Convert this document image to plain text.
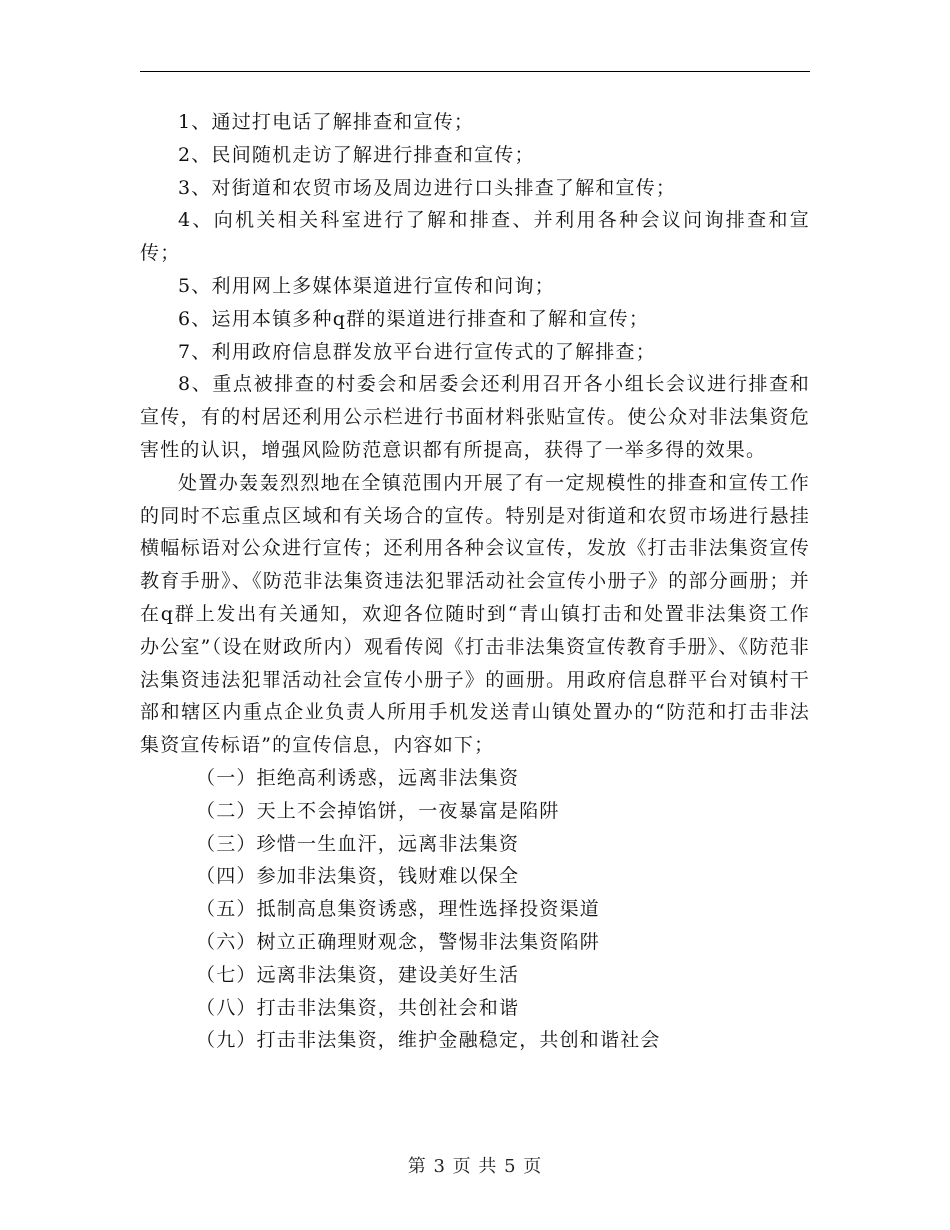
1、通过打电话了解排查和宣传；

2、民间随机走访了解进行排查和宣传；

3、对街道和农贸市场及周边进行口头排查了解和宣传；

4、向机关相关科室进行了解和排查、并利用各种会议问询排查和宣传；

5、利用网上多媒体渠道进行宣传和问询；

6、运用本镇多种q群的渠道进行排查和了解和宣传；

7、利用政府信息群发放平台进行宣传式的了解排查；

8、重点被排查的村委会和居委会还利用召开各小组长会议进行排查和宣传，有的村居还利用公示栏进行书面材料张贴宣传。使公众对非法集资危害性的认识，增强风险防范意识都有所提高，获得了一举多得的效果。

处置办轰轰烈烈地在全镇范围内开展了有一定规模性的排查和宣传工作的同时不忘重点区域和有关场合的宣传。特别是对街道和农贸市场进行悬挂横幅标语对公众进行宣传；还利用各种会议宣传，发放《打击非法集资宣传教育手册》、《防范非法集资违法犯罪活动社会宣传小册子》的部分画册；并在q群上发出有关通知，欢迎各位随时到“青山镇打击和处置非法集资工作办公室”（设在财政所内）观看传阅《打击非法集资宣传教育手册》、《防范非法集资违法犯罪活动社会宣传小册子》的画册。用政府信息群平台对镇村干部和辖区内重点企业负责人所用手机发送青山镇处置办的“防范和打击非法集资宣传标语”的宣传信息，内容如下；

（一）拒绝高利诱惑，远离非法集资
（二）天上不会掉馅饼，一夜暴富是陷阱
（三）珍惜一生血汗，远离非法集资
（四）参加非法集资，钱财难以保全
（五）抵制高息集资诱惑，理性选择投资渠道
（六）树立正确理财观念，警惕非法集资陷阱
（七）远离非法集资，建设美好生活
（八）打击非法集资，共创社会和谐
（九）打击非法集资，维护金融稳定，共创和谐社会
第 3 页 共 5 页
